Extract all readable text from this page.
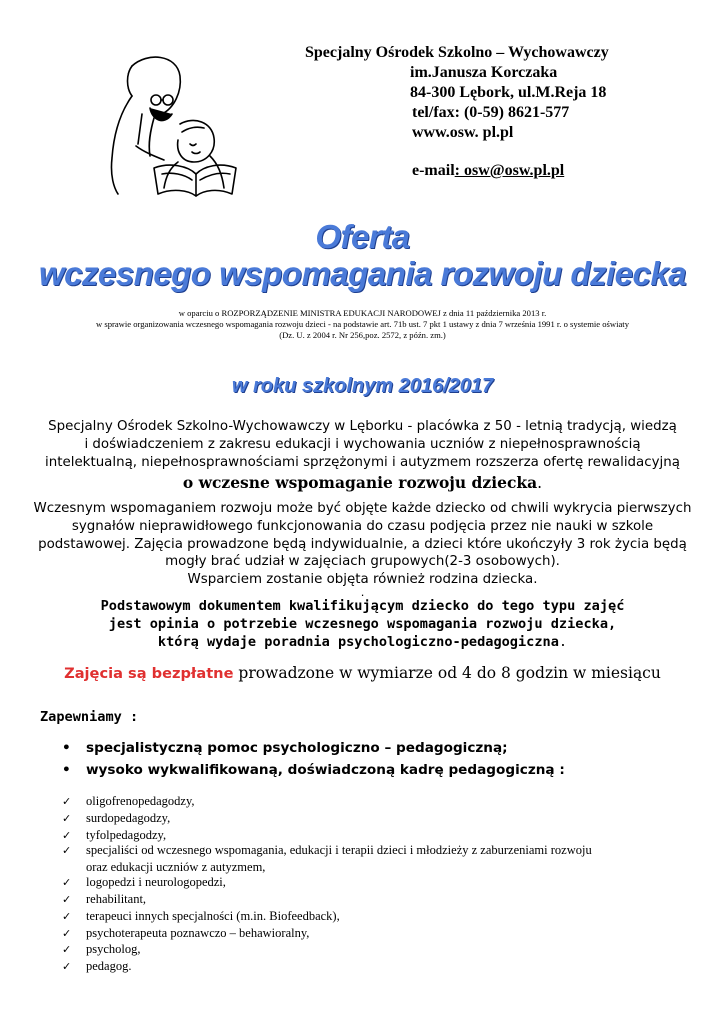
Specjalny Ośrodek Szkolno – Wychowawczy
im.Janusza Korczaka
84-300 Lębork, ul.M.Reja 18
tel/fax: (0-59) 8621-577
www.osw. pl.pl
e-mail: osw@osw.pl.pl
Oferta
wczesnego wspomagania rozwoju dziecka
w oparciu o ROZPORZĄDZENIE MINISTRA EDUKACJI NARODOWEJ z dnia 11 października 2013 r.
w sprawie organizowania wczesnego wspomagania rozwoju dzieci - na podstawie art. 71b ust. 7 pkt 1 ustawy z dnia 7 września 1991 r. o systemie oświaty
(Dz. U. z 2004 r. Nr 256,poz. 2572, z późn. zm.)
w roku szkolnym 2016/2017
Specjalny Ośrodek Szkolno-Wychowawczy w Lęborku - placówka z 50 - letnią tradycją, wiedzą
i doświadczeniem z zakresu edukacji i wychowania uczniów z niepełnosprawnością
intelektualną, niepełnosprawnościami sprzężonymi i autyzmem rozszerza ofertę rewalidacyjną
o wczesne wspomaganie rozwoju dziecka.
Wczesnym wspomaganiem rozwoju może być objęte każde dziecko od chwili wykrycia pierwszych
sygnałów nieprawidłowego funkcjonowania do czasu podjęcia przez nie nauki w szkole
podstawowej. Zajęcia prowadzone będą indywidualnie, a dzieci które ukończyły 3 rok życia będą
mogły brać udział w zajęciach grupowych(2-3 osobowych).
Wsparciem zostanie objęta również rodzina dziecka.
.
Podstawowym dokumentem kwalifikującym dziecko do tego typu zajęć
jest opinia o potrzebie wczesnego wspomagania rozwoju dziecka,
którą wydaje poradnia psychologiczno-pedagogiczna.
Zajęcia są bezpłatne prowadzone w wymiarze od 4 do 8 godzin w miesiącu
Zapewniamy :
• specjalistyczną pomoc psychologiczno – pedagogiczną;
• wysoko wykwalifikowaną, doświadczoną kadrę pedagogiczną :
✓ oligofrenopedagodzy,
✓ surdopedagodzy,
✓ tyfolpedagodzy,
✓ specjaliści od wczesnego wspomagania, edukacji i terapii dzieci i młodzieży z zaburzeniami rozwoju
oraz edukacji uczniów z autyzmem,
✓ logopedzi i neurologopedzi,
✓ rehabilitant,
✓ terapeuci innych specjalności (m.in. Biofeedback),
✓ psychoterapeuta poznawczo – behawioralny,
✓ psycholog,
✓ pedagog.
